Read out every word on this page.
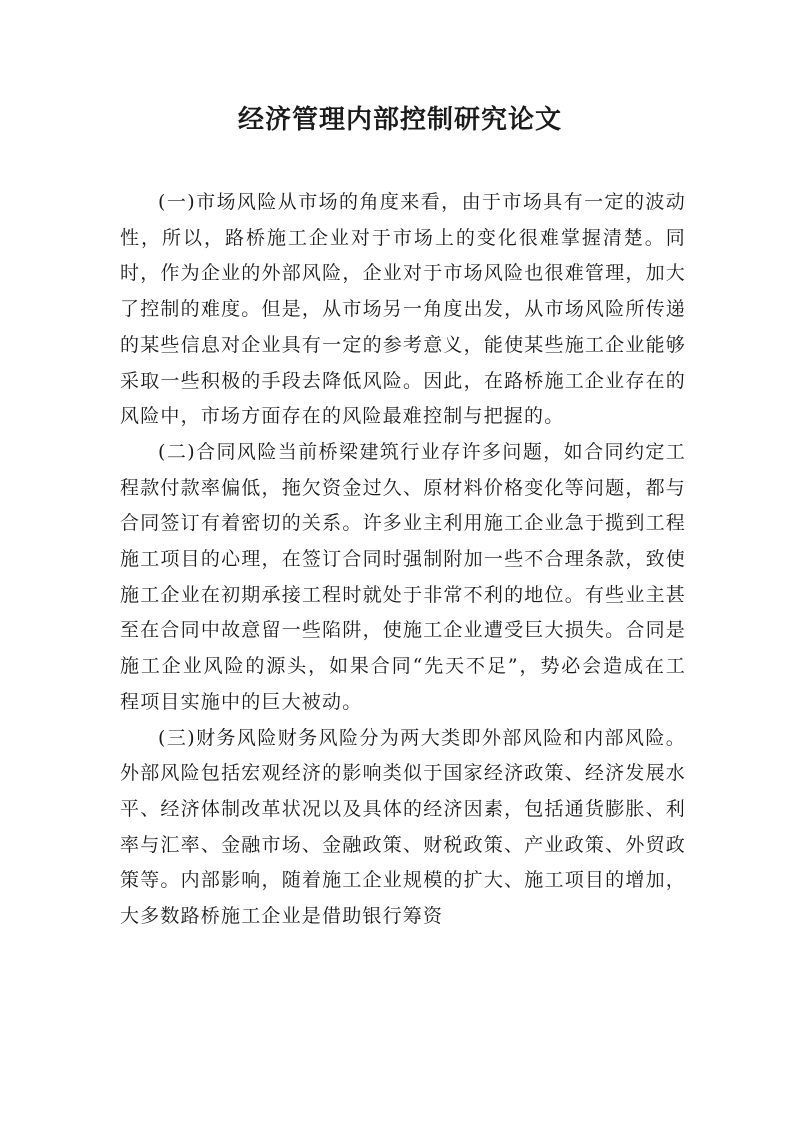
经济管理内部控制研究论文

(一)市场风险从市场的角度来看，由于市场具有一定的波动性，所以，路桥施工企业对于市场上的变化很难掌握清楚。同时，作为企业的外部风险，企业对于市场风险也很难管理，加大了控制的难度。但是，从市场另一角度出发，从市场风险所传递的某些信息对企业具有一定的参考意义，能使某些施工企业能够采取一些积极的手段去降低风险。因此，在路桥施工企业存在的风险中，市场方面存在的风险最难控制与把握的。

(二)合同风险当前桥梁建筑行业存许多问题，如合同约定工程款付款率偏低，拖欠资金过久、原材料价格变化等问题，都与合同签订有着密切的关系。许多业主利用施工企业急于揽到工程施工项目的心理，在签订合同时强制附加一些不合理条款，致使施工企业在初期承接工程时就处于非常不利的地位。有些业主甚至在合同中故意留一些陷阱，使施工企业遭受巨大损失。合同是施工企业风险的源头，如果合同“先天不足”，势必会造成在工程项目实施中的巨大被动。

(三)财务风险财务风险分为两大类即外部风险和内部风险。外部风险包括宏观经济的影响类似于国家经济政策、经济发展水平、经济体制改革状况以及具体的经济因素，包括通货膨胀、利率与汇率、金融市场、金融政策、财税政策、产业政策、外贸政策等。内部影响，随着施工企业规模的扩大、施工项目的增加，大多数路桥施工企业是借助银行筹资
